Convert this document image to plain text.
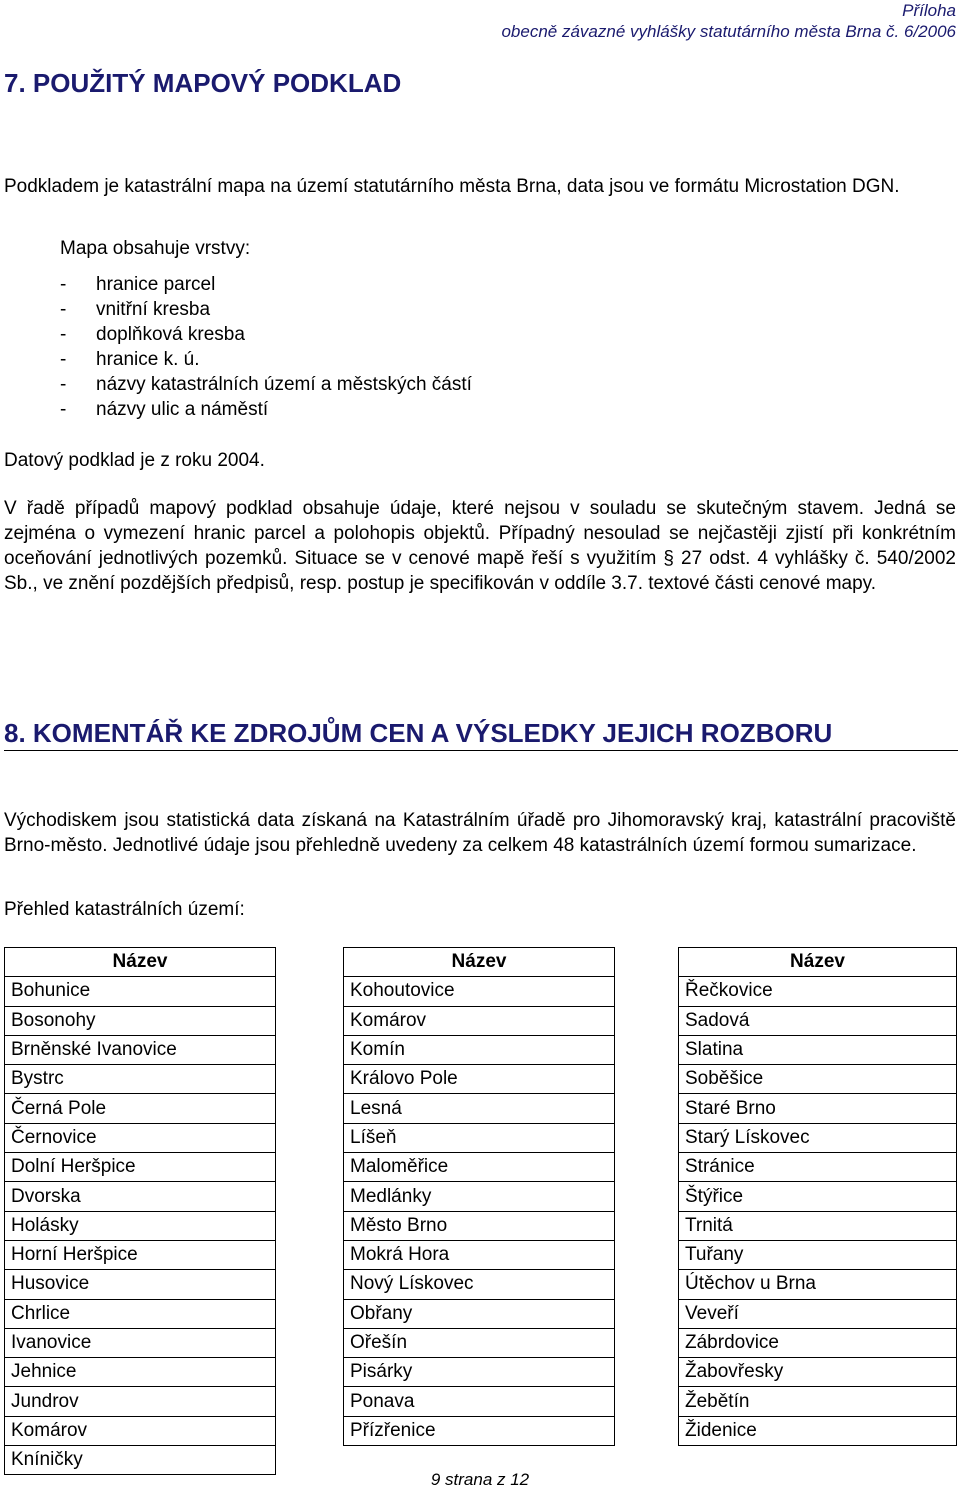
Příloha
obecně závazné vyhlášky statutárního města Brna č. 6/2006
7. POUŽITÝ MAPOVÝ PODKLAD

Podkladem je katastrální mapa na území statutárního města Brna, data jsou ve formátu Microstation DGN.

Mapa obsahuje vrstvy:

- hranice parcel
- vnitřní kresba
- doplňková kresba
- hranice k. ú.
- názvy katastrálních území a městských částí
- názvy ulic a náměstí

Datový podklad je z roku 2004.

V řadě případů mapový podklad obsahuje údaje, které nejsou v souladu se skutečným stavem. Jedná se zejména o vymezení hranic parcel a polohopis objektů. Případný nesoulad se nejčastěji zjistí při konkrétním oceňování jednotlivých pozemků. Situace se v cenové mapě řeší s využitím § 27 odst. 4 vyhlášky č. 540/2002 Sb., ve znění pozdějších předpisů, resp. postup je specifikován v oddíle 3.7. textové části cenové mapy.

8. KOMENTÁŘ KE ZDROJŮM CEN A VÝSLEDKY JEJICH ROZBORU

Východiskem jsou statistická data získaná na Katastrálním úřadě pro Jihomoravský kraj, katastrální pracoviště Brno-město. Jednotlivé údaje jsou přehledně uvedeny za celkem 48 katastrálních území formou sumarizace.

Přehled katastrálních území:

Název
Bohunice
Bosonohy
Brněnské Ivanovice
Bystrc
Černá Pole
Černovice
Dolní Heršpice
Dvorska
Holásky
Horní Heršpice
Husovice
Chrlice
Ivanovice
Jehnice
Jundrov
Komárov
Kníničky
Název
Kohoutovice
Komárov
Komín
Královo Pole
Lesná
Líšeň
Maloměřice
Medlánky
Město Brno
Mokrá Hora
Nový Lískovec
Obřany
Ořešín
Pisárky
Ponava
Přízřenice
Název
Řečkovice
Sadová
Slatina
Soběšice
Staré Brno
Starý Lískovec
Stránice
Štýřice
Trnitá
Tuřany
Útěchov u Brna
Veveří
Zábrdovice
Žabovřesky
Žebětín
Židenice
9 strana z 12
